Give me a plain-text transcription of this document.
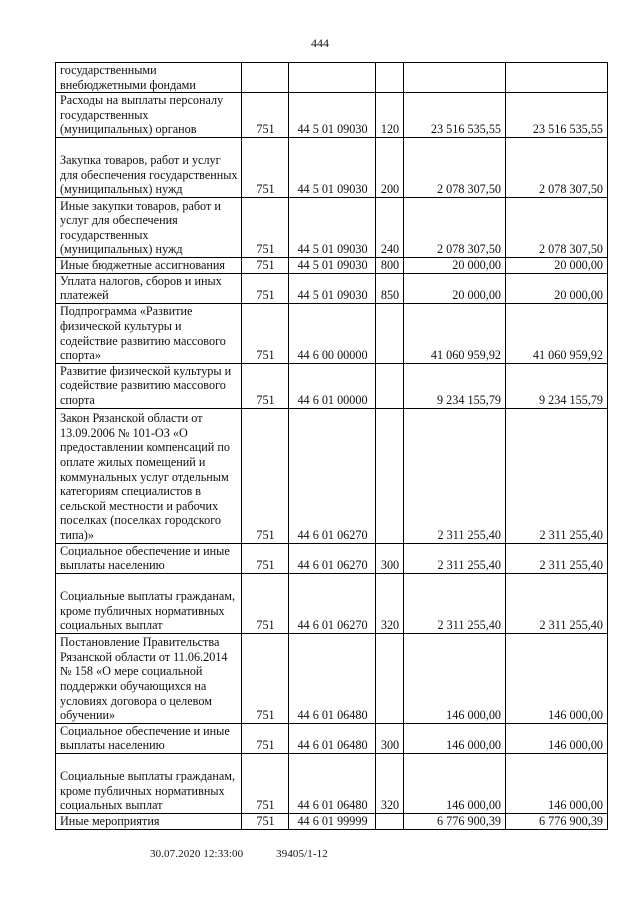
444
государственными внебюджетными фондами					
Расходы на выплаты персоналу государственных (муниципальных) органов	751	44 5 01 09030	120	23 516 535,55	23 516 535,55
Закупка товаров, работ и услуг для обеспечения государственных (муниципальных) нужд	751	44 5 01 09030	200	2 078 307,50	2 078 307,50
Иные закупки товаров, работ и услуг для обеспечения государственных (муниципальных) нужд	751	44 5 01 09030	240	2 078 307,50	2 078 307,50
Иные бюджетные ассигнования	751	44 5 01 09030	800	20 000,00	20 000,00
Уплата налогов, сборов и иных платежей	751	44 5 01 09030	850	20 000,00	20 000,00
Подпрограмма «Развитие физической культуры и содействие развитию массового спорта»	751	44 6 00 00000		41 060 959,92	41 060 959,92
Развитие физической культуры и содействие развитию массового спорта	751	44 6 01 00000		9 234 155,79	9 234 155,79
Закон Рязанской области от 13.09.2006 № 101-ОЗ «О предоставлении компенсаций по оплате жилых помещений и коммунальных услуг отдельным категориям специалистов в сельской местности и рабочих поселках (поселках городского типа)»	751	44 6 01 06270		2 311 255,40	2 311 255,40
Социальное обеспечение и иные выплаты населению	751	44 6 01 06270	300	2 311 255,40	2 311 255,40
Социальные выплаты гражданам, кроме публичных нормативных социальных выплат	751	44 6 01 06270	320	2 311 255,40	2 311 255,40
Постановление Правительства Рязанской области от 11.06.2014 № 158 «О мере социальной поддержки обучающихся на условиях договора о целевом обучении»	751	44 6 01 06480		146 000,00	146 000,00
Социальное обеспечение и иные выплаты населению	751	44 6 01 06480	300	146 000,00	146 000,00
Социальные выплаты гражданам, кроме публичных нормативных социальных выплат	751	44 6 01 06480	320	146 000,00	146 000,00
Иные мероприятия	751	44 6 01 99999		6 776 900,39	6 776 900,39
30.07.2020 12:33:00	39405/1-12
